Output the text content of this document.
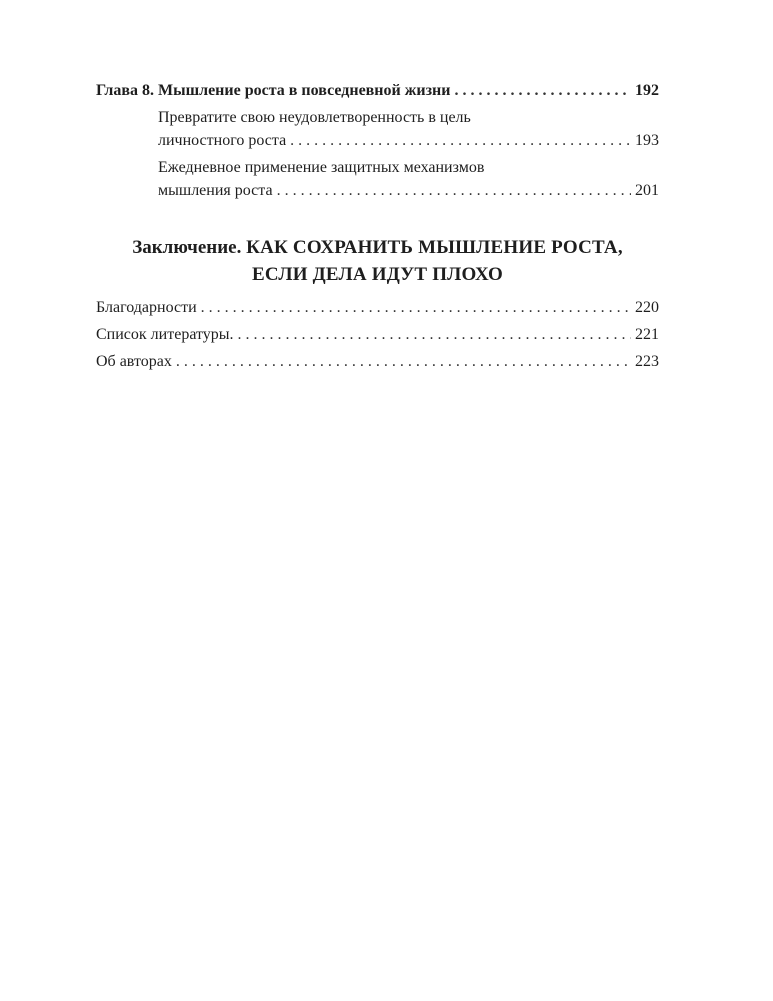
Глава 8. Мышление роста в повседневной жизни . . .	192
Превратите свою неудовлетворенность в цель
личностного роста . . .	193
Ежедневное применение защитных механизмов
мышления роста . . .	201
Заключение. КАК СОХРАНИТЬ МЫШЛЕНИЕ РОСТА,
ЕСЛИ ДЕЛА ИДУТ ПЛОХО
Благодарности . . .	220
Список литературы. . . .	221
Об авторах . . .	223
